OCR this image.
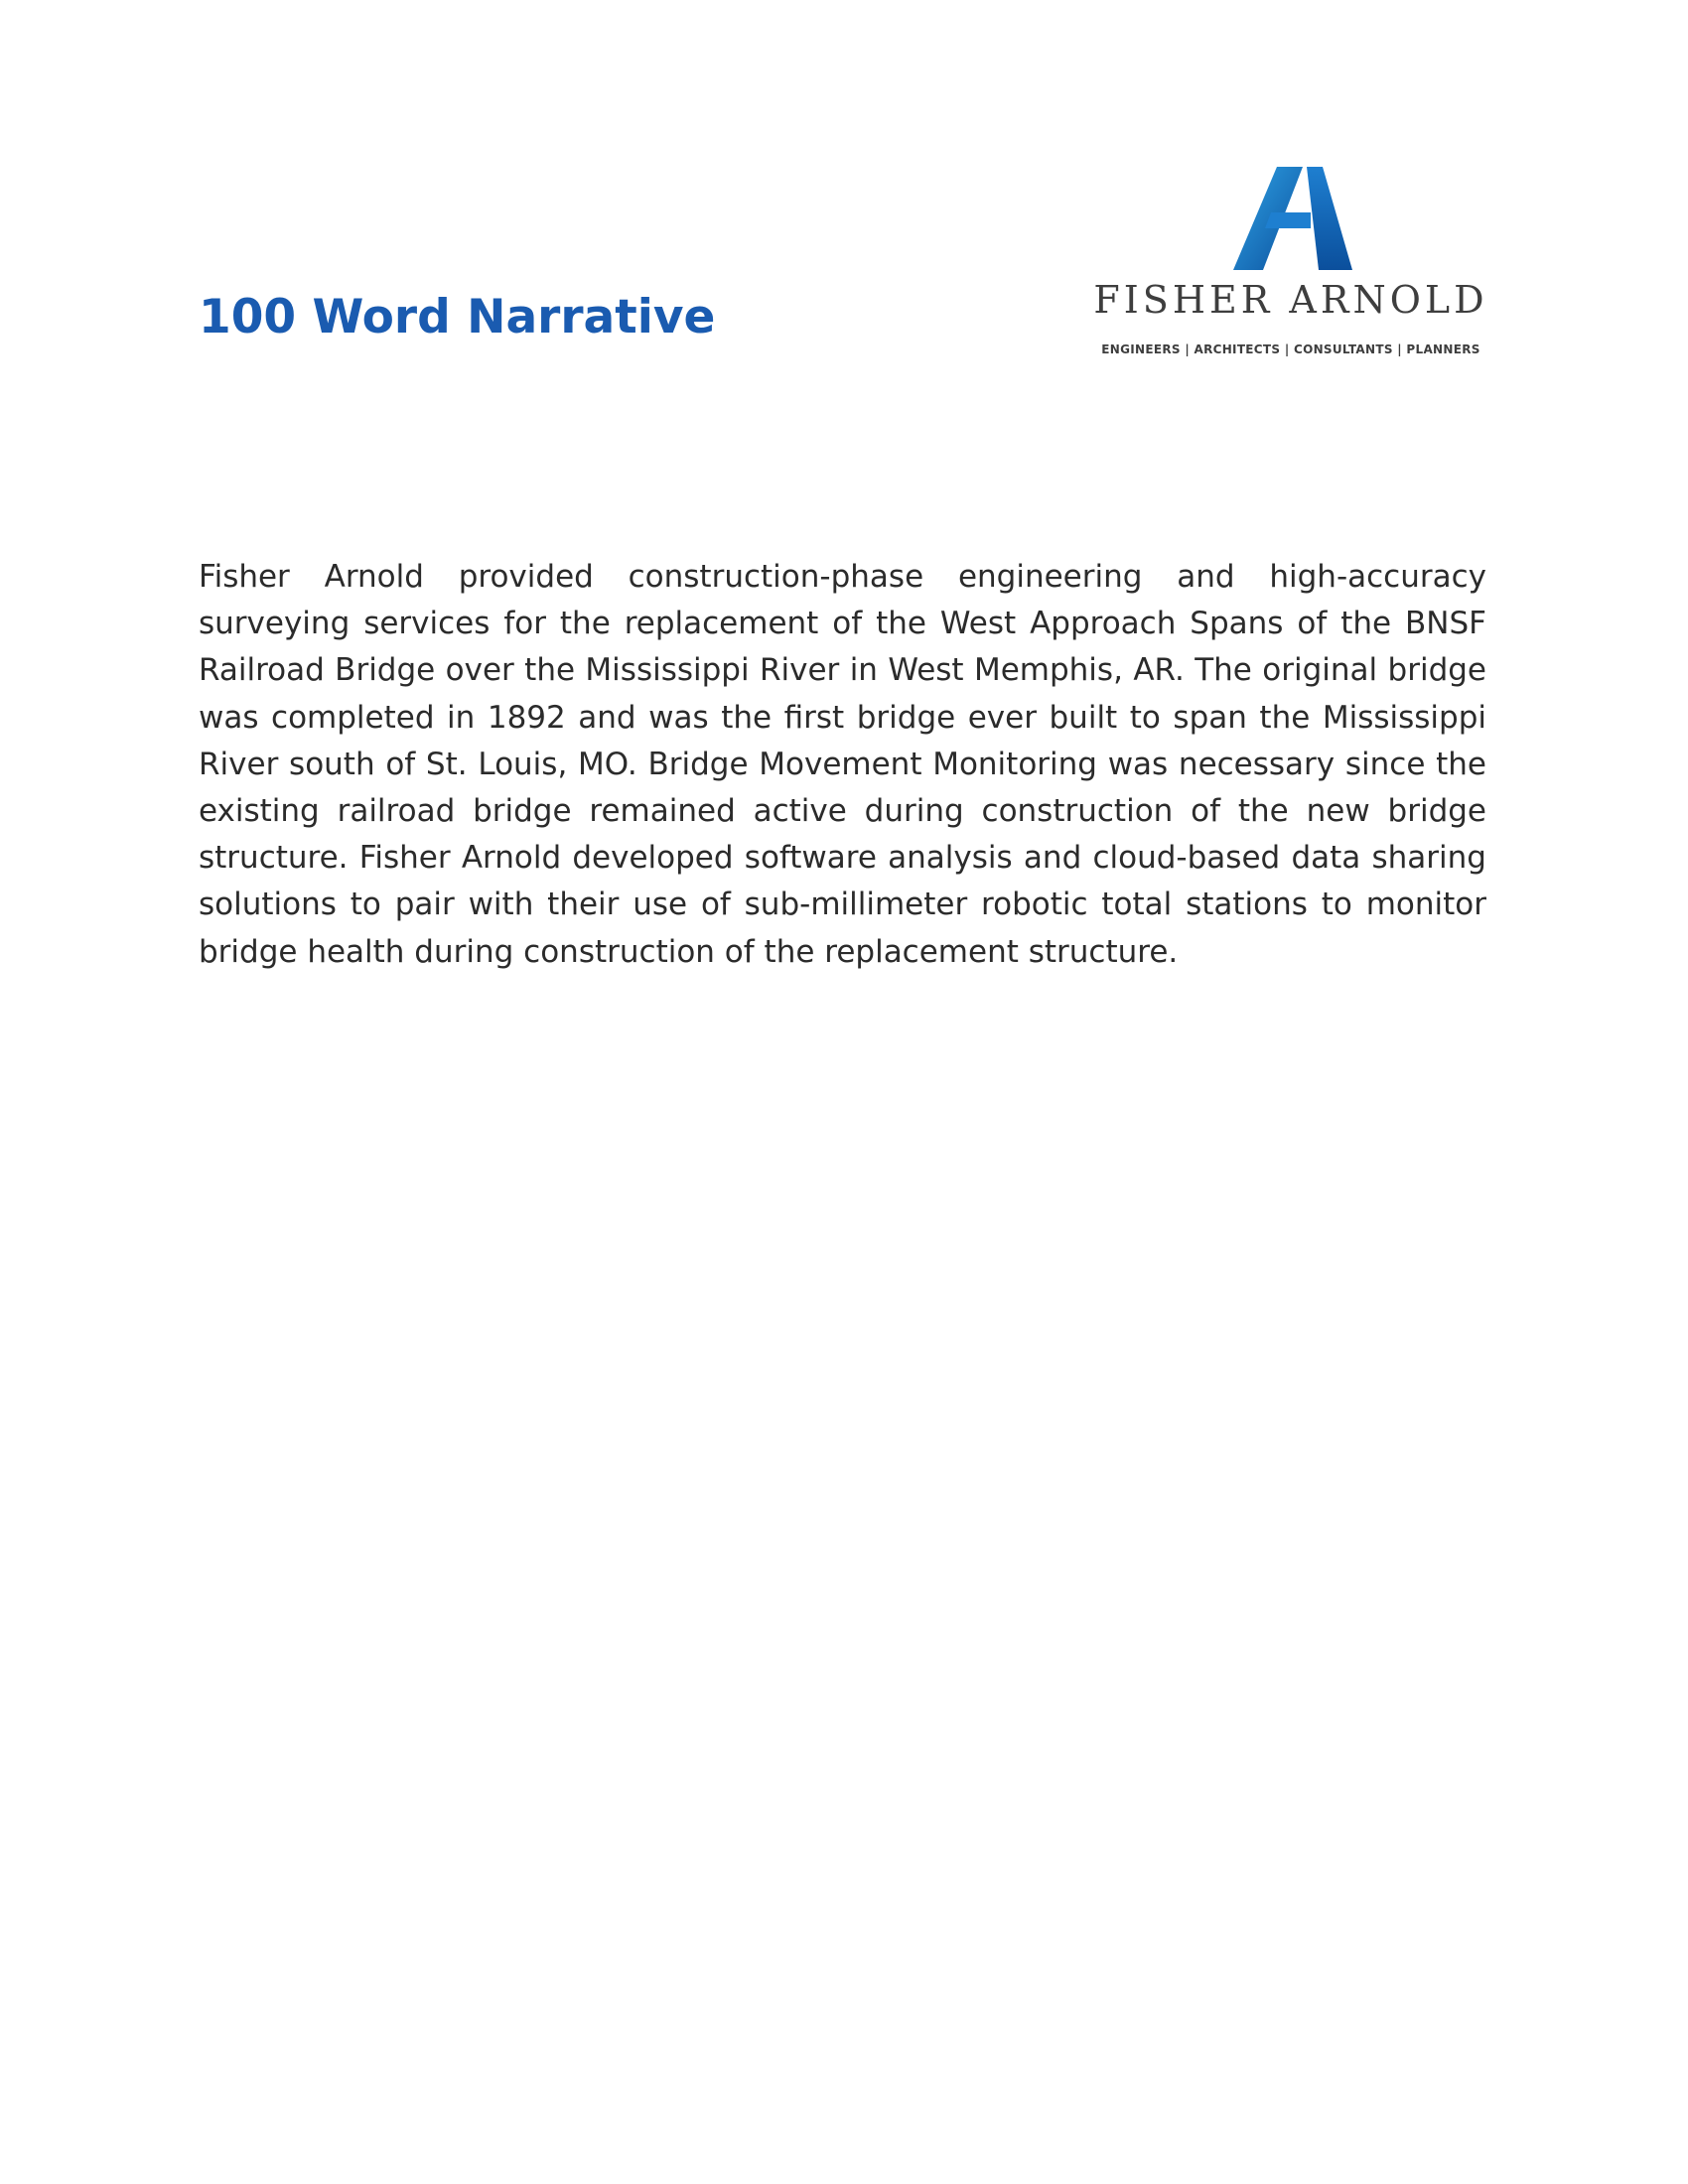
100 Word Narrative	FISHER ARNOLD
ENGINEERS | ARCHITECTS | CONSULTANTS | PLANNERS

Fisher Arnold provided construction-phase engineering and high-accuracy surveying services for the replacement of the West Approach Spans of the BNSF Railroad Bridge over the Mississippi River in West Memphis, AR. The original bridge was completed in 1892 and was the first bridge ever built to span the Mississippi River south of St. Louis, MO. Bridge Movement Monitoring was necessary since the existing railroad bridge remained active during construction of the new bridge structure. Fisher Arnold developed software analysis and cloud-based data sharing solutions to pair with their use of sub-millimeter robotic total stations to monitor bridge health during construction of the replacement structure.
